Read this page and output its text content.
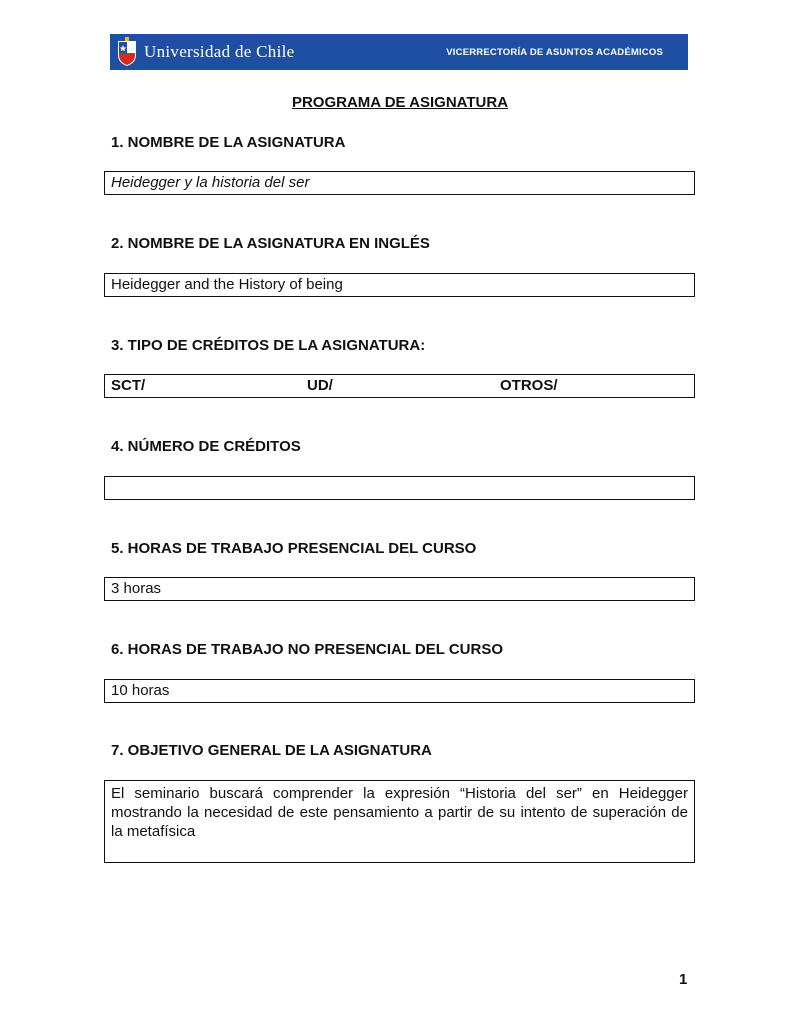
Universidad de Chile	VICERRECTORÍA DE ASUNTOS ACADÉMICOS
PROGRAMA DE ASIGNATURA
1. NOMBRE DE LA ASIGNATURA
Heidegger y la historia del ser
2. NOMBRE DE LA ASIGNATURA EN INGLÉS
Heidegger and the History of being
3. TIPO DE CRÉDITOS DE LA ASIGNATURA:
SCT/	UD/	OTROS/
4. NÚMERO DE CRÉDITOS
5. HORAS DE TRABAJO PRESENCIAL DEL CURSO
3 horas
6. HORAS DE TRABAJO NO PRESENCIAL DEL CURSO
10 horas
7. OBJETIVO GENERAL DE LA ASIGNATURA
El seminario buscará comprender la expresión “Historia del ser” en Heidegger mostrando la necesidad de este pensamiento a partir de su intento de superación de la metafísica
1
